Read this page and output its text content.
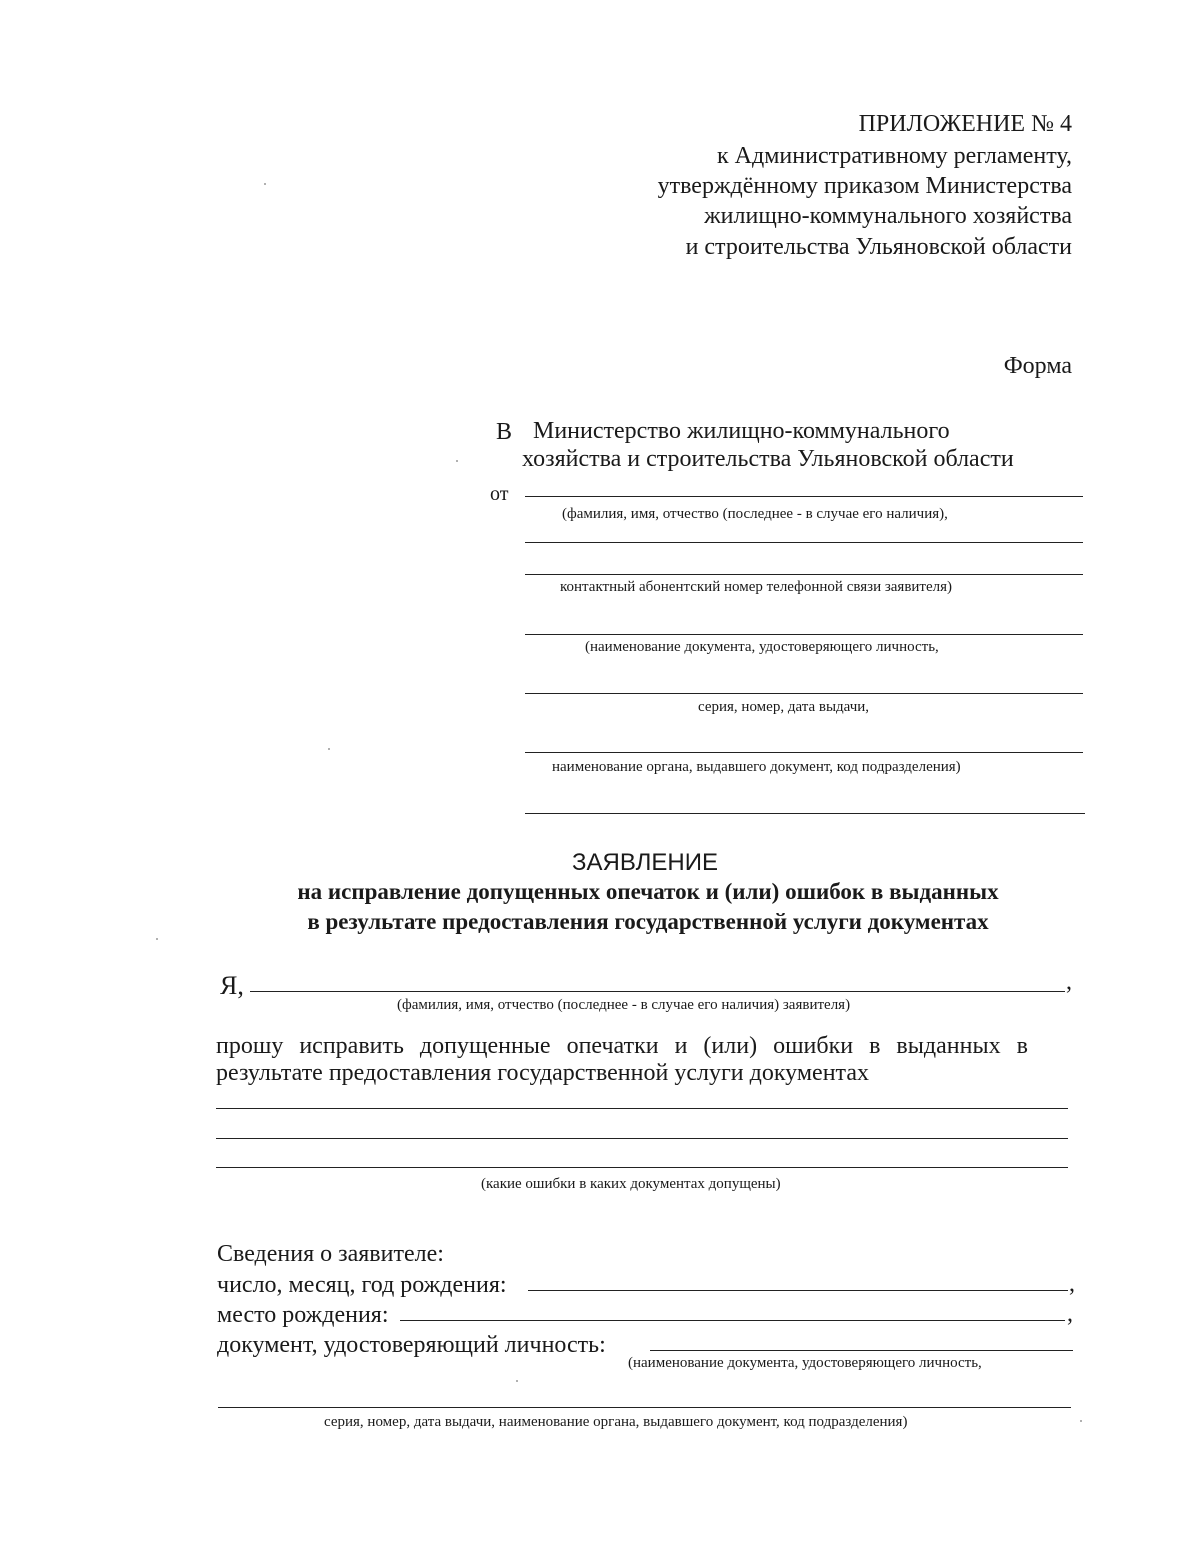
ПРИЛОЖЕНИЕ № 4

к Административному регламенту,

утверждённому приказом Министерства

жилищно-коммунального хозяйства

и строительства Ульяновской области

Форма

В Министерство жилищно-коммунального

хозяйства и строительства Ульяновской области

от

(фамилия, имя, отчество (последнее - в случае его наличия),

контактный абонентский номер телефонной связи заявителя)

(наименование документа, удостоверяющего личность,

серия, номер, дата выдачи,

наименование органа, выдавшего документ, код подразделения)

ЗАЯВЛЕНИЕ

на исправление допущенных опечаток и (или) ошибок в выданных

в результате предоставления государственной услуги документах

Я,	,

(фамилия, имя, отчество (последнее - в случае его наличия) заявителя)

прошу исправить допущенные опечатки и (или) ошибки в выданных в

результате предоставления государственной услуги документах

(какие ошибки в каких документах допущены)

Сведения о заявителе:

число, месяц, год рождения:	,

место рождения:	,

документ, удостоверяющий личность:

(наименование документа, удостоверяющего личность,

серия, номер, дата выдачи, наименование органа, выдавшего документ, код подразделения)
